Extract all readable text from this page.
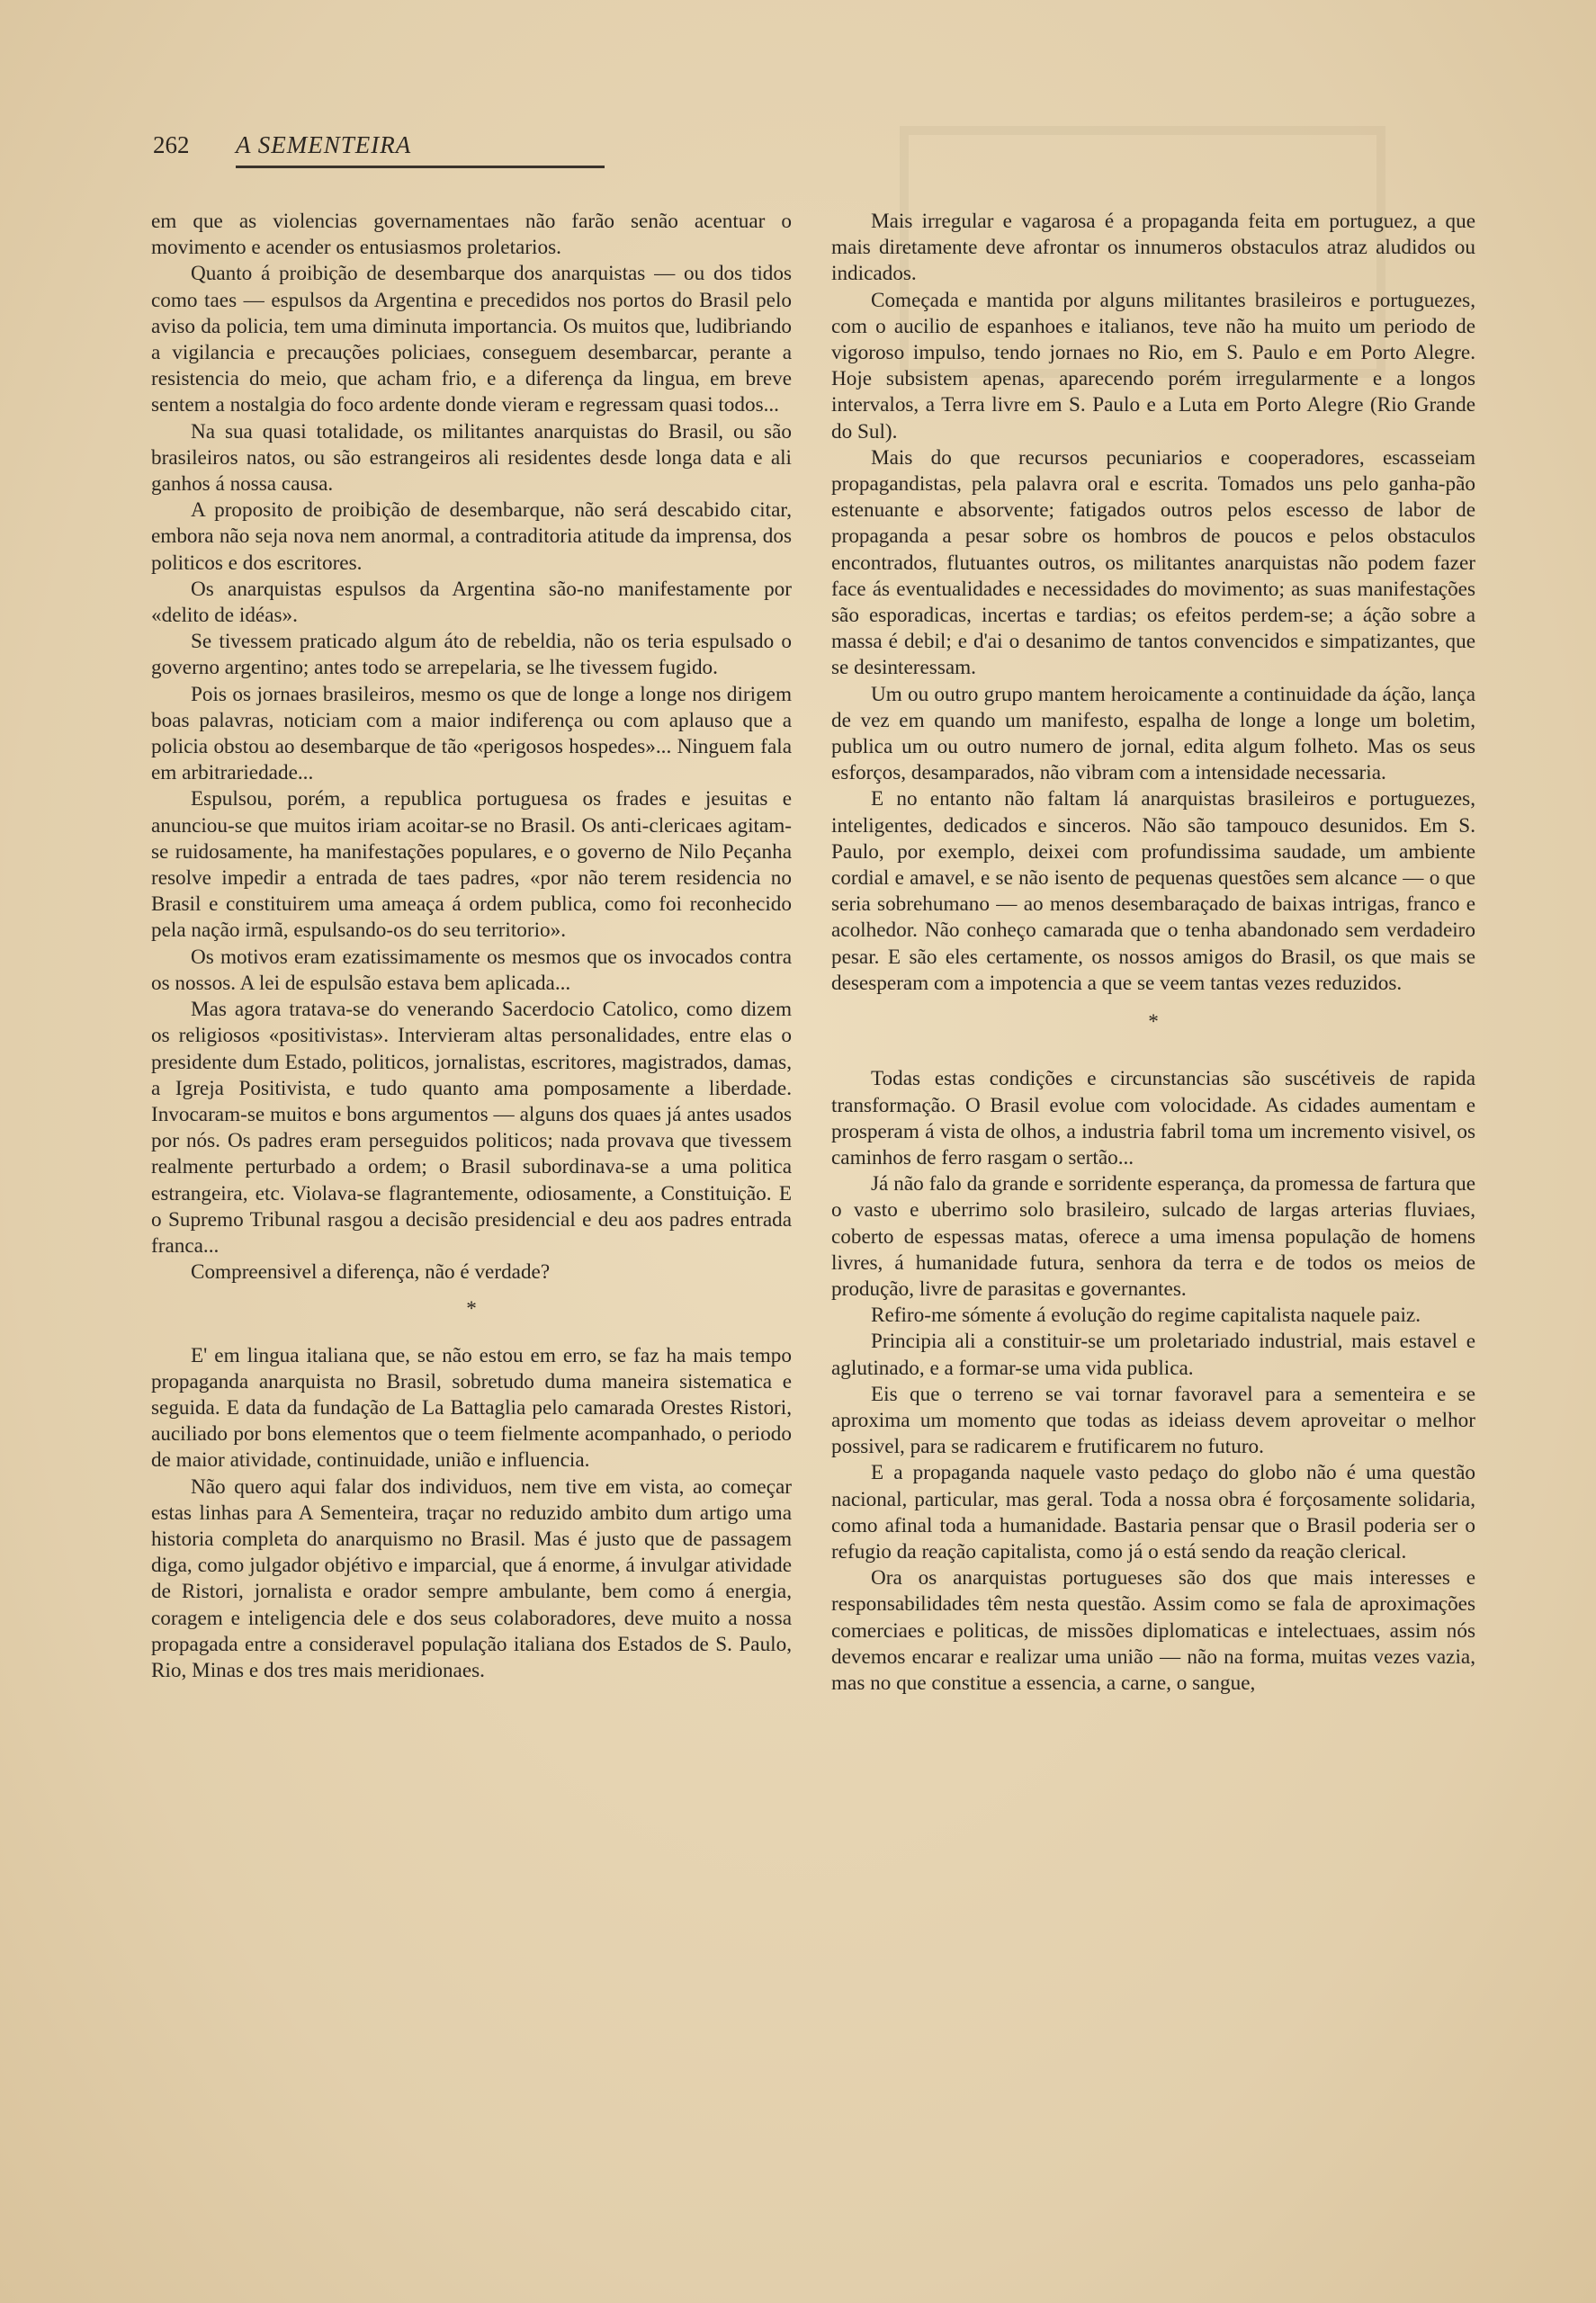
262 A SEMENTEIRA

em que as violencias governamentaes não farão senão acentuar o movimento e acender os entusiasmos proletarios.

Quanto á proibição de desembarque dos anarquistas — ou dos tidos como taes — espulsos da Argentina e precedidos nos portos do Brasil pelo aviso da policia, tem uma diminuta importancia. Os muitos que, ludibriando a vigilancia e precauções policiaes, conseguem desembarcar, perante a resistencia do meio, que acham frio, e a diferença da lingua, em breve sentem a nostalgia do foco ardente donde vieram e regressam quasi todos...

Na sua quasi totalidade, os militantes anarquistas do Brasil, ou são brasileiros natos, ou são estrangeiros ali residentes desde longa data e ali ganhos á nossa causa.

A proposito de proibição de desembarque, não será descabido citar, embora não seja nova nem anormal, a contraditoria atitude da imprensa, dos politicos e dos escritores.

Os anarquistas espulsos da Argentina são-no manifestamente por «delito de idéas».

Se tivessem praticado algum áto de rebeldia, não os teria espulsado o governo argentino; antes todo se arrepelaria, se lhe tivessem fugido.

Pois os jornaes brasileiros, mesmo os que de longe a longe nos dirigem boas palavras, noticiam com a maior indiferença ou com aplauso que a policia obstou ao desembarque de tão «perigosos hospedes»... Ninguem fala em arbitrariedade...

Espulsou, porém, a republica portuguesa os frades e jesuitas e anunciou-se que muitos iriam acoitar-se no Brasil. Os anti-clericaes agitam-se ruidosamente, ha manifestações populares, e o governo de Nilo Peçanha resolve impedir a entrada de taes padres, «por não terem residencia no Brasil e constituirem uma ameaça á ordem publica, como foi reconhecido pela nação irmã, espulsando-os do seu territorio».

Os motivos eram ezatissimamente os mesmos que os invocados contra os nossos. A lei de espulsão estava bem aplicada...

Mas agora tratava-se do venerando Sacerdocio Catolico, como dizem os religiosos «positivistas». Intervieram altas personalidades, entre elas o presidente dum Estado, politicos, jornalistas, escritores, magistrados, damas, a Igreja Positivista, e tudo quanto ama pomposamente a liberdade. Invocaram-se muitos e bons argumentos — alguns dos quaes já antes usados por nós. Os padres eram perseguidos politicos; nada provava que tivessem realmente perturbado a ordem; o Brasil subordinava-se a uma politica estrangeira, etc. Violava-se flagrantemente, odiosamente, a Constituição. E o Supremo Tribunal rasgou a decisão presidencial e deu aos padres entrada franca...

Compreensivel a diferença, não é verdade?

*

E' em lingua italiana que, se não estou em erro, se faz ha mais tempo propaganda anarquista no Brasil, sobretudo duma maneira sistematica e seguida. E data da fundação de La Battaglia pelo camarada Orestes Ristori, auciliado por bons elementos que o teem fielmente acompanhado, o periodo de maior atividade, continuidade, união e influencia.

Não quero aqui falar dos individuos, nem tive em vista, ao começar estas linhas para A Sementeira, traçar no reduzido ambito dum artigo uma historia completa do anarquismo no Brasil. Mas é justo que de passagem diga, como julgador objétivo e imparcial, que á enorme, á invulgar atividade de Ristori, jornalista e orador sempre ambulante, bem como á energia, coragem e inteligencia dele e dos seus colaboradores, deve muito a nossa propagada entre a consideravel população italiana dos Estados de S. Paulo, Rio, Minas e dos tres mais meridionaes.

Mais irregular e vagarosa é a propaganda feita em portuguez, a que mais diretamente deve afrontar os innumeros obstaculos atraz aludidos ou indicados.

Começada e mantida por alguns militantes brasileiros e portuguezes, com o aucilio de espanhoes e italianos, teve não ha muito um periodo de vigoroso impulso, tendo jornaes no Rio, em S. Paulo e em Porto Alegre. Hoje subsistem apenas, aparecendo porém irregularmente e a longos intervalos, a Terra livre em S. Paulo e a Luta em Porto Alegre (Rio Grande do Sul).

Mais do que recursos pecuniarios e cooperadores, escasseiam propagandistas, pela palavra oral e escrita. Tomados uns pelo ganha-pão estenuante e absorvente; fatigados outros pelos escesso de labor de propaganda a pesar sobre os hombros de poucos e pelos obstaculos encontrados, flutuantes outros, os militantes anarquistas não podem fazer face ás eventualidades e necessidades do movimento; as suas manifestações são esporadicas, incertas e tardias; os efeitos perdem-se; a áção sobre a massa é debil; e d'ai o desanimo de tantos convencidos e simpatizantes, que se desinteressam.

Um ou outro grupo mantem heroicamente a continuidade da áção, lança de vez em quando um manifesto, espalha de longe a longe um boletim, publica um ou outro numero de jornal, edita algum folheto. Mas os seus esforços, desamparados, não vibram com a intensidade necessaria.

E no entanto não faltam lá anarquistas brasileiros e portuguezes, inteligentes, dedicados e sinceros. Não são tampouco desunidos. Em S. Paulo, por exemplo, deixei com profundissima saudade, um ambiente cordial e amavel, e se não isento de pequenas questões sem alcance — o que seria sobrehumano — ao menos desembaraçado de baixas intrigas, franco e acolhedor. Não conheço camarada que o tenha abandonado sem verdadeiro pesar. E são eles certamente, os nossos amigos do Brasil, os que mais se desesperam com a impotencia a que se veem tantas vezes reduzidos.

*

Todas estas condições e circunstancias são suscétiveis de rapida transformação. O Brasil evolue com volocidade. As cidades aumentam e prosperam á vista de olhos, a industria fabril toma um incremento visivel, os caminhos de ferro rasgam o sertão...

Já não falo da grande e sorridente esperança, da promessa de fartura que o vasto e uberrimo solo brasileiro, sulcado de largas arterias fluviaes, coberto de espessas matas, oferece a uma imensa população de homens livres, á humanidade futura, senhora da terra e de todos os meios de produção, livre de parasitas e governantes.

Refiro-me sómente á evolução do regime capitalista naquele paiz.

Principia ali a constituir-se um proletariado industrial, mais estavel e aglutinado, e a formar-se uma vida publica.

Eis que o terreno se vai tornar favoravel para a sementeira e se aproxima um momento que todas as ideiass devem aproveitar o melhor possivel, para se radicarem e frutificarem no futuro.

E a propaganda naquele vasto pedaço do globo não é uma questão nacional, particular, mas geral. Toda a nossa obra é forçosamente solidaria, como afinal toda a humanidade. Bastaria pensar que o Brasil poderia ser o refugio da reação capitalista, como já o está sendo da reação clerical.

Ora os anarquistas portugueses são dos que mais interesses e responsabilidades têm nesta questão. Assim como se fala de aproximações comerciaes e politicas, de missões diplomaticas e intelectuaes, assim nós devemos encarar e realizar uma união — não na forma, muitas vezes vazia, mas no que constitue a essencia, a carne, o sangue,
